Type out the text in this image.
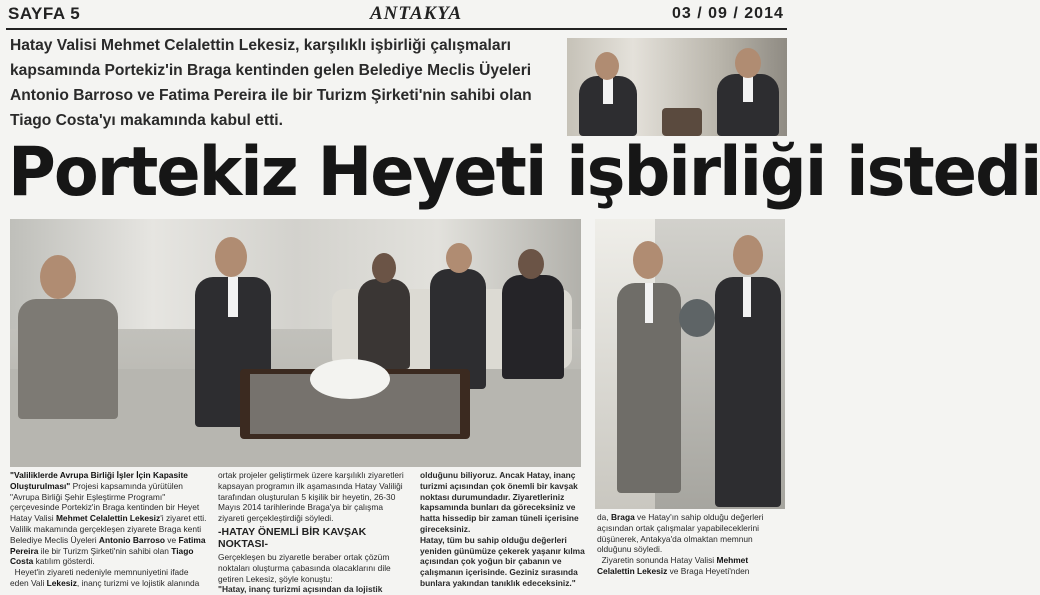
SAYFA 5	ANTAKYA	03 / 09 / 2014

Hatay Valisi Mehmet Celalettin Lekesiz, karşılıklı işbirliği çalışmaları kapsamında Portekiz'in Braga kentinden gelen Belediye Meclis Üyeleri Antonio Barroso ve Fatima Pereira ile bir Turizm Şirketi'nin sahibi olan Tiago Costa'yı makamında kabul etti.

Portekiz Heyeti işbirliği istedi

"Valiliklerde Avrupa Birliği İşler İçin Kapasite Oluşturulması" Projesi kapsamında yürütülen "Avrupa Birliği Şehir Eşleştirme Programı" çerçevesinde Portekiz'in Braga kentinden bir Heyet Hatay Valisi Mehmet Celalettin Lekesiz'i ziyaret etti. Valilik makamında gerçekleşen ziyarete Braga kenti Belediye Meclis Üyeleri Antonio Barroso ve Fatima Pereira ile bir Turizm Şirketi'nin sahibi olan Tiago Costa katılım gösterdi.

Heyet'in ziyareti nedeniyle memnuniyetini ifade eden Vali Lekesiz, inanç turizmi ve lojistik alanında

ortak projeler geliştirmek üzere karşılıklı ziyaretleri kapsayan programın ilk aşamasında Hatay Valiliği tarafından oluşturulan 5 kişilik bir heyetin, 26-30 Mayıs 2014 tarihlerinde Braga'ya bir çalışma ziyareti gerçekleştirdiği söyledi.

-HATAY ÖNEMLİ BİR KAVŞAK NOKTASI-

Gerçekleşen bu ziyaretle beraber ortak çözüm noktaları oluşturma çabasında olacaklarını dile getiren Lekesiz, şöyle konuştu:

"Hatay, inanç turizmi açısından da lojistik

olduğunu biliyoruz. Ancak Hatay, inanç turizmi açısından çok önemli bir kavşak noktası durumundadır. Ziyaretleriniz kapsamında bunları da göreceksiniz ve hatta hissedip bir zaman tüneli içerisine gireceksiniz.

Hatay, tüm bu sahip olduğu değerleri yeniden günümüze çekerek yaşanır kılma açısından çok yoğun bir çabanın ve çalışmanın içerisinde. Geziniz sırasında bunlara yakından tanıklık edeceksiniz."

da, Braga ve Hatay'ın sahip olduğu değerleri açısından ortak çalışmalar yapabileceklerini düşünerek, Antakya'da olmaktan memnun olduğunu söyledi.

Ziyaretin sonunda Hatay Valisi Mehmet Celalettin Lekesiz ve Braga Heyeti'nden
